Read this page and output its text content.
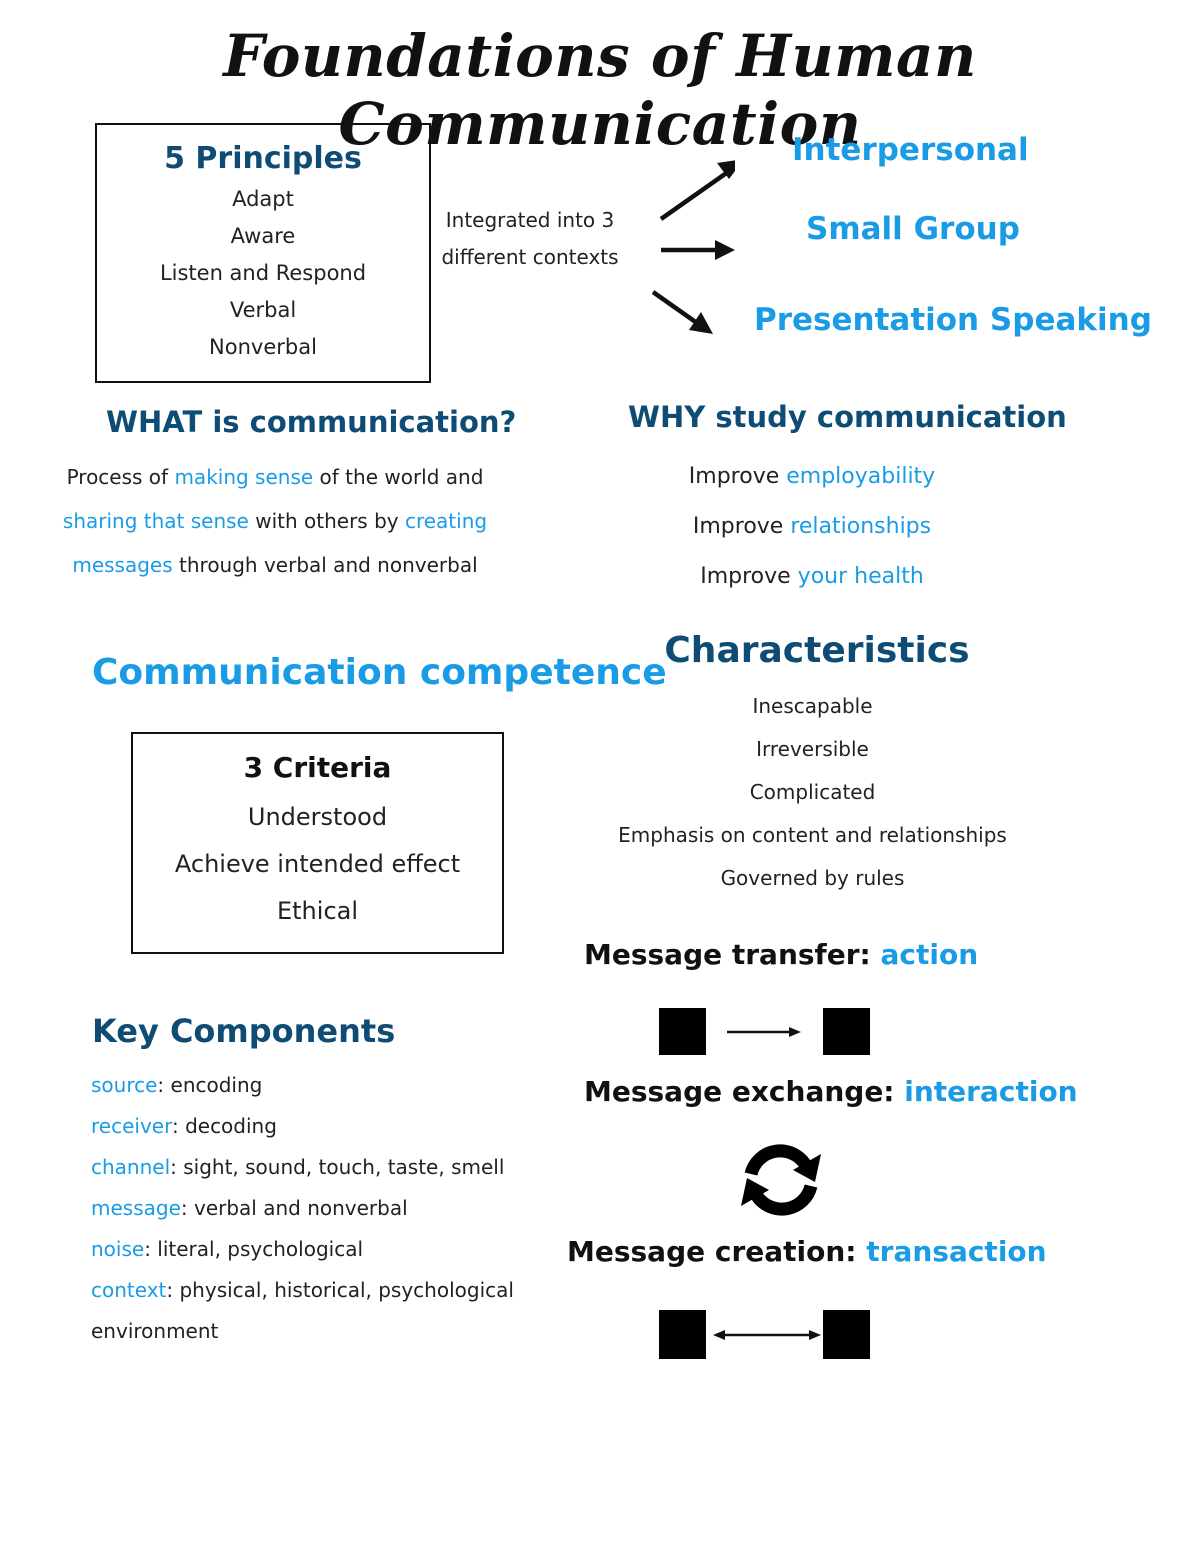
Foundations of Human Communication
5 Principles
Adapt
Aware
Listen and Respond
Verbal
Nonverbal
Integrated into 3
different contexts
Interpersonal
Small Group
Presentation Speaking
WHAT is communication?
Process of making sense of the world and
sharing that sense with others by creating
messages through verbal and nonverbal
WHY study communication
Improve employability
Improve relationships
Improve your health
Communication competence
3 Criteria
Understood
Achieve intended effect
Ethical
Characteristics
Inescapable
Irreversible
Complicated
Emphasis on content and relationships
Governed by rules
Key Components
source: encoding
receiver: decoding
channel: sight, sound, touch, taste, smell
message: verbal and nonverbal
noise: literal, psychological
context: physical, historical, psychological
environment
Message transfer: action
Message exchange: interaction
Message creation: transaction
